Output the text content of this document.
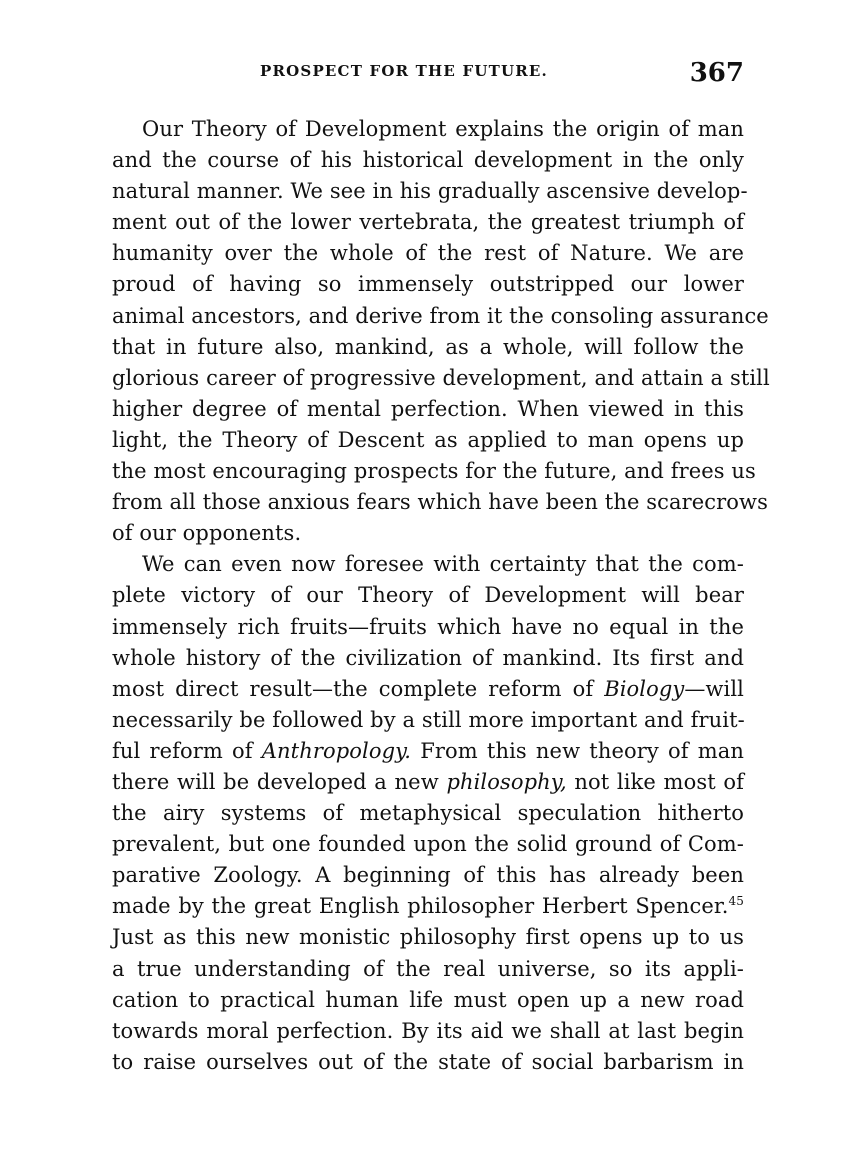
PROSPECT FOR THE FUTURE.	367
Our Theory of Development explains the origin of man
and the course of his historical development in the only
natural manner. We see in his gradually ascensive develop-
ment out of the lower vertebrata, the greatest triumph of
humanity over the whole of the rest of Nature. We are
proud of having so immensely outstripped our lower
animal ancestors, and derive from it the consoling assurance
that in future also, mankind, as a whole, will follow the
glorious career of progressive development, and attain a still
higher degree of mental perfection. When viewed in this
light, the Theory of Descent as applied to man opens up
the most encouraging prospects for the future, and frees us
from all those anxious fears which have been the scarecrows
of our opponents.
We can even now foresee with certainty that the com-
plete victory of our Theory of Development will bear
immensely rich fruits—fruits which have no equal in the
whole history of the civilization of mankind. Its first and
most direct result—the complete reform of Biology—will
necessarily be followed by a still more important and fruit-
ful reform of Anthropology. From this new theory of man
there will be developed a new philosophy, not like most of
the airy systems of metaphysical speculation hitherto
prevalent, but one founded upon the solid ground of Com-
parative Zoology. A beginning of this has already been
made by the great English philosopher Herbert Spencer.$^{45}$
Just as this new monistic philosophy first opens up to us
a true understanding of the real universe, so its appli-
cation to practical human life must open up a new road
towards moral perfection. By its aid we shall at last begin
to raise ourselves out of the state of social barbarism in
